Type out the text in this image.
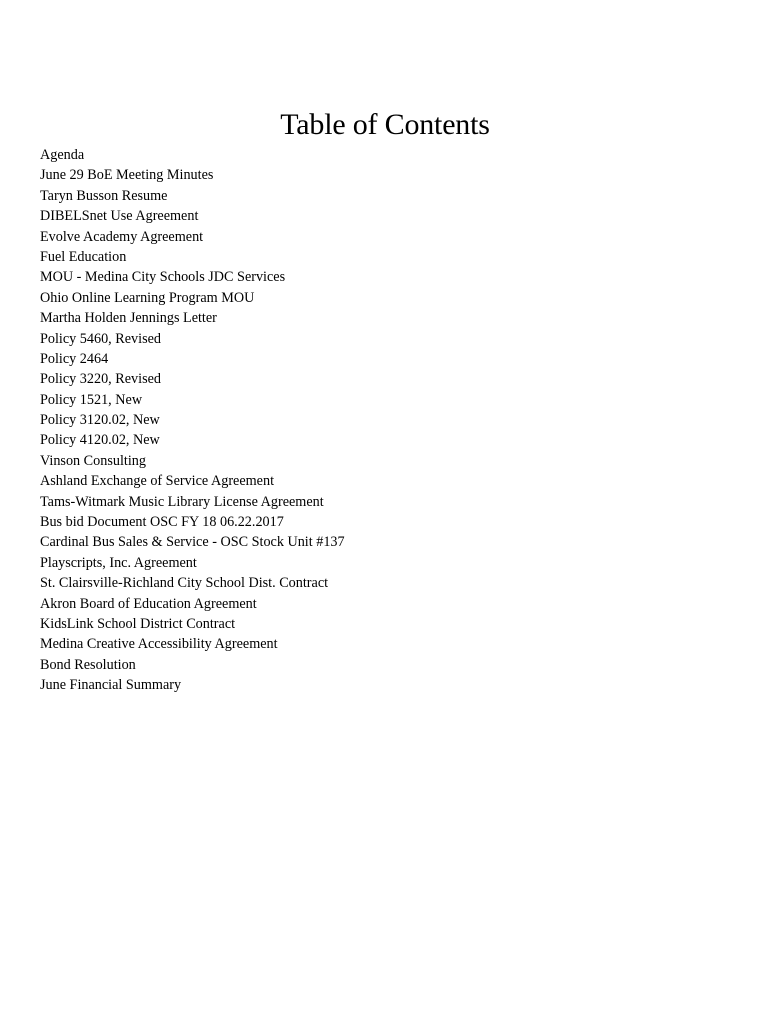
Table of Contents
Agenda
June 29 BoE Meeting Minutes
Taryn Busson Resume
DIBELSnet Use Agreement
Evolve Academy Agreement
Fuel Education
MOU - Medina City Schools JDC Services
Ohio Online Learning Program MOU
Martha Holden Jennings Letter
Policy 5460, Revised
Policy 2464
Policy 3220, Revised
Policy 1521, New
Policy 3120.02, New
Policy 4120.02, New
Vinson Consulting
Ashland Exchange of Service Agreement
Tams-Witmark Music Library License Agreement
Bus bid Document OSC FY 18 06.22.2017
Cardinal Bus Sales & Service - OSC Stock Unit #137
Playscripts, Inc. Agreement
St. Clairsville-Richland City School Dist. Contract
Akron Board of Education Agreement
KidsLink School District Contract
Medina Creative Accessibility Agreement
Bond Resolution
June Financial Summary
